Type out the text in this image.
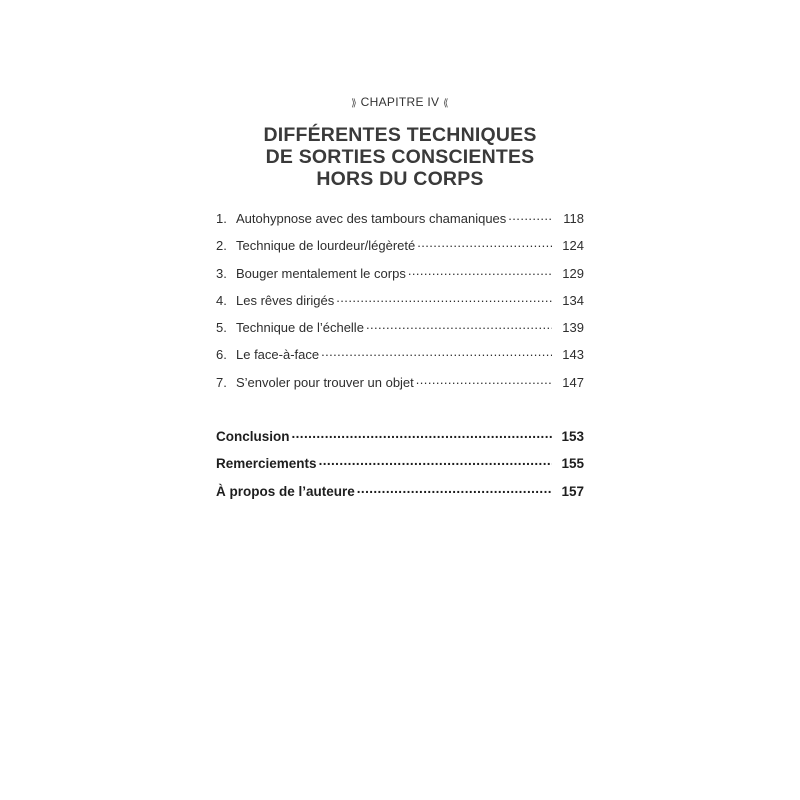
⟫ CHAPITRE IV ⟪
DIFFÉRENTES TECHNIQUES
DE SORTIES CONSCIENTES
HORS DU CORPS
1. Autohypnose avec des tambours chamaniques .....	118
2. Technique de lourdeur/légèreté .....	124
3. Bouger mentalement le corps .....	129
4. Les rêves dirigés .....	134
5. Technique de l’échelle .....	139
6. Le face-à-face .....	143
7. S’envoler pour trouver un objet .....	147
Conclusion .....	153
Remerciements .....	155
À propos de l’auteure .....	157
